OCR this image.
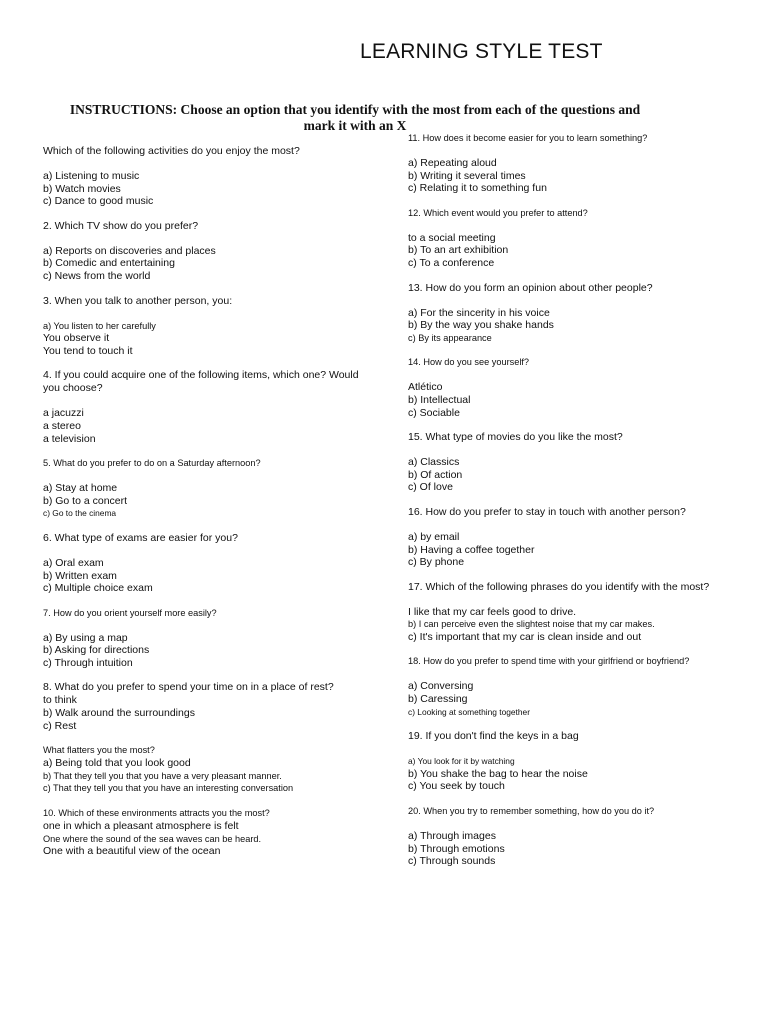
LEARNING STYLE TEST

INSTRUCTIONS: Choose an option that you identify with the most from each of the questions and mark it with an X

Which of the following activities do you enjoy the most?

a) Listening to music

b) Watch movies

c) Dance to good music

2. Which TV show do you prefer?

a) Reports on discoveries and places

b) Comedic and entertaining

c) News from the world

3. When you talk to another person, you:

a) You listen to her carefully

You observe it

You tend to touch it

4. If you could acquire one of the following items, which one? Would you choose?

a jacuzzi

a stereo

a television

5. What do you prefer to do on a Saturday afternoon?

a) Stay at home

b) Go to a concert

c) Go to the cinema

6. What type of exams are easier for you?

a) Oral exam

b) Written exam

c) Multiple choice exam

7. How do you orient yourself more easily?

a) By using a map

b) Asking for directions

c) Through intuition

8. What do you prefer to spend your time on in a place of rest?

to think

b) Walk around the surroundings

c) Rest

What flatters you the most?

a) Being told that you look good

b) That they tell you that you have a very pleasant manner.

c) That they tell you that you have an interesting conversation

10. Which of these environments attracts you the most?

one in which a pleasant atmosphere is felt

One where the sound of the sea waves can be heard.

One with a beautiful view of the ocean

11. How does it become easier for you to learn something?

a) Repeating aloud

b) Writing it several times

c) Relating it to something fun

12. Which event would you prefer to attend?

to a social meeting

b) To an art exhibition

c) To a conference

13. How do you form an opinion about other people?

a) For the sincerity in his voice

b) By the way you shake hands

c) By its appearance

14. How do you see yourself?

Atlético

b) Intellectual

c) Sociable

15. What type of movies do you like the most?

a) Classics

b) Of action

c) Of love

16. How do you prefer to stay in touch with another person?

a) by email

b) Having a coffee together

c) By phone

17. Which of the following phrases do you identify with the most?

I like that my car feels good to drive.

b) I can perceive even the slightest noise that my car makes.

c) It's important that my car is clean inside and out

18. How do you prefer to spend time with your girlfriend or boyfriend?

a) Conversing

b) Caressing

c) Looking at something together

19. If you don't find the keys in a bag

a) You look for it by watching

b) You shake the bag to hear the noise

c) You seek by touch

20. When you try to remember something, how do you do it?

a) Through images

b) Through emotions

c) Through sounds
